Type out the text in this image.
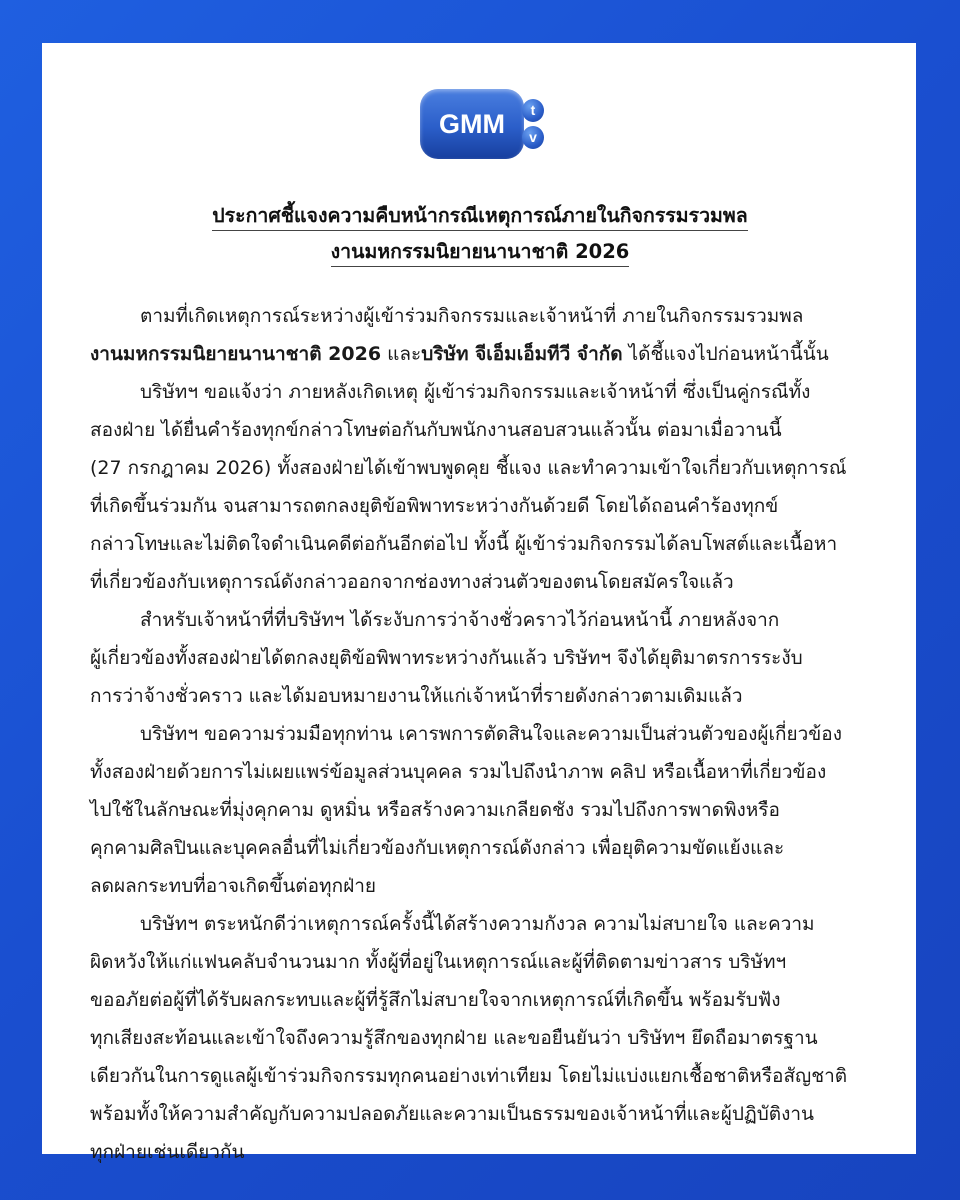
GMM	t
v
ประกาศชี้แจงความคืบหน้ากรณีเหตุการณ์ภายในกิจกรรมรวมพล
งานมหกรรมนิยายนานาชาติ 2026
ตามที่เกิดเหตุการณ์ระหว่างผู้เข้าร่วมกิจกรรมและเจ้าหน้าที่ ภายในกิจกรรมรวมพล
งานมหกรรมนิยายนานาชาติ 2026 และบริษัท จีเอ็มเอ็มทีวี จำกัด ได้ชี้แจงไปก่อนหน้านี้นั้น
บริษัทฯ ขอแจ้งว่า ภายหลังเกิดเหตุ ผู้เข้าร่วมกิจกรรมและเจ้าหน้าที่ ซึ่งเป็นคู่กรณีทั้ง
สองฝ่าย ได้ยื่นคำร้องทุกข์กล่าวโทษต่อกันกับพนักงานสอบสวนแล้วนั้น ต่อมาเมื่อวานนี้
(27 กรกฎาคม 2026) ทั้งสองฝ่ายได้เข้าพบพูดคุย ชี้แจง และทำความเข้าใจเกี่ยวกับเหตุการณ์
ที่เกิดขึ้นร่วมกัน จนสามารถตกลงยุติข้อพิพาทระหว่างกันด้วยดี โดยได้ถอนคำร้องทุกข์
กล่าวโทษและไม่ติดใจดำเนินคดีต่อกันอีกต่อไป ทั้งนี้ ผู้เข้าร่วมกิจกรรมได้ลบโพสต์และเนื้อหา
ที่เกี่ยวข้องกับเหตุการณ์ดังกล่าวออกจากช่องทางส่วนตัวของตนโดยสมัครใจแล้ว
สำหรับเจ้าหน้าที่ที่บริษัทฯ ได้ระงับการว่าจ้างชั่วคราวไว้ก่อนหน้านี้ ภายหลังจาก
ผู้เกี่ยวข้องทั้งสองฝ่ายได้ตกลงยุติข้อพิพาทระหว่างกันแล้ว บริษัทฯ จึงได้ยุติมาตรการระงับ
การว่าจ้างชั่วคราว และได้มอบหมายงานให้แก่เจ้าหน้าที่รายดังกล่าวตามเดิมแล้ว
บริษัทฯ ขอความร่วมมือทุกท่าน เคารพการตัดสินใจและความเป็นส่วนตัวของผู้เกี่ยวข้อง
ทั้งสองฝ่ายด้วยการไม่เผยแพร่ข้อมูลส่วนบุคคล รวมไปถึงนำภาพ คลิป หรือเนื้อหาที่เกี่ยวข้อง
ไปใช้ในลักษณะที่มุ่งคุกคาม ดูหมิ่น หรือสร้างความเกลียดชัง รวมไปถึงการพาดพิงหรือ
คุกคามศิลปินและบุคคลอื่นที่ไม่เกี่ยวข้องกับเหตุการณ์ดังกล่าว เพื่อยุติความขัดแย้งและ
ลดผลกระทบที่อาจเกิดขึ้นต่อทุกฝ่าย
บริษัทฯ ตระหนักดีว่าเหตุการณ์ครั้งนี้ได้สร้างความกังวล ความไม่สบายใจ และความ
ผิดหวังให้แก่แฟนคลับจำนวนมาก ทั้งผู้ที่อยู่ในเหตุการณ์และผู้ที่ติดตามข่าวสาร บริษัทฯ
ขออภัยต่อผู้ที่ได้รับผลกระทบและผู้ที่รู้สึกไม่สบายใจจากเหตุการณ์ที่เกิดขึ้น พร้อมรับฟัง
ทุกเสียงสะท้อนและเข้าใจถึงความรู้สึกของทุกฝ่าย และขอยืนยันว่า บริษัทฯ ยึดถือมาตรฐาน
เดียวกันในการดูแลผู้เข้าร่วมกิจกรรมทุกคนอย่างเท่าเทียม โดยไม่แบ่งแยกเชื้อชาติหรือสัญชาติ
พร้อมทั้งให้ความสำคัญกับความปลอดภัยและความเป็นธรรมของเจ้าหน้าที่และผู้ปฏิบัติงาน
ทุกฝ่ายเช่นเดียวกัน
